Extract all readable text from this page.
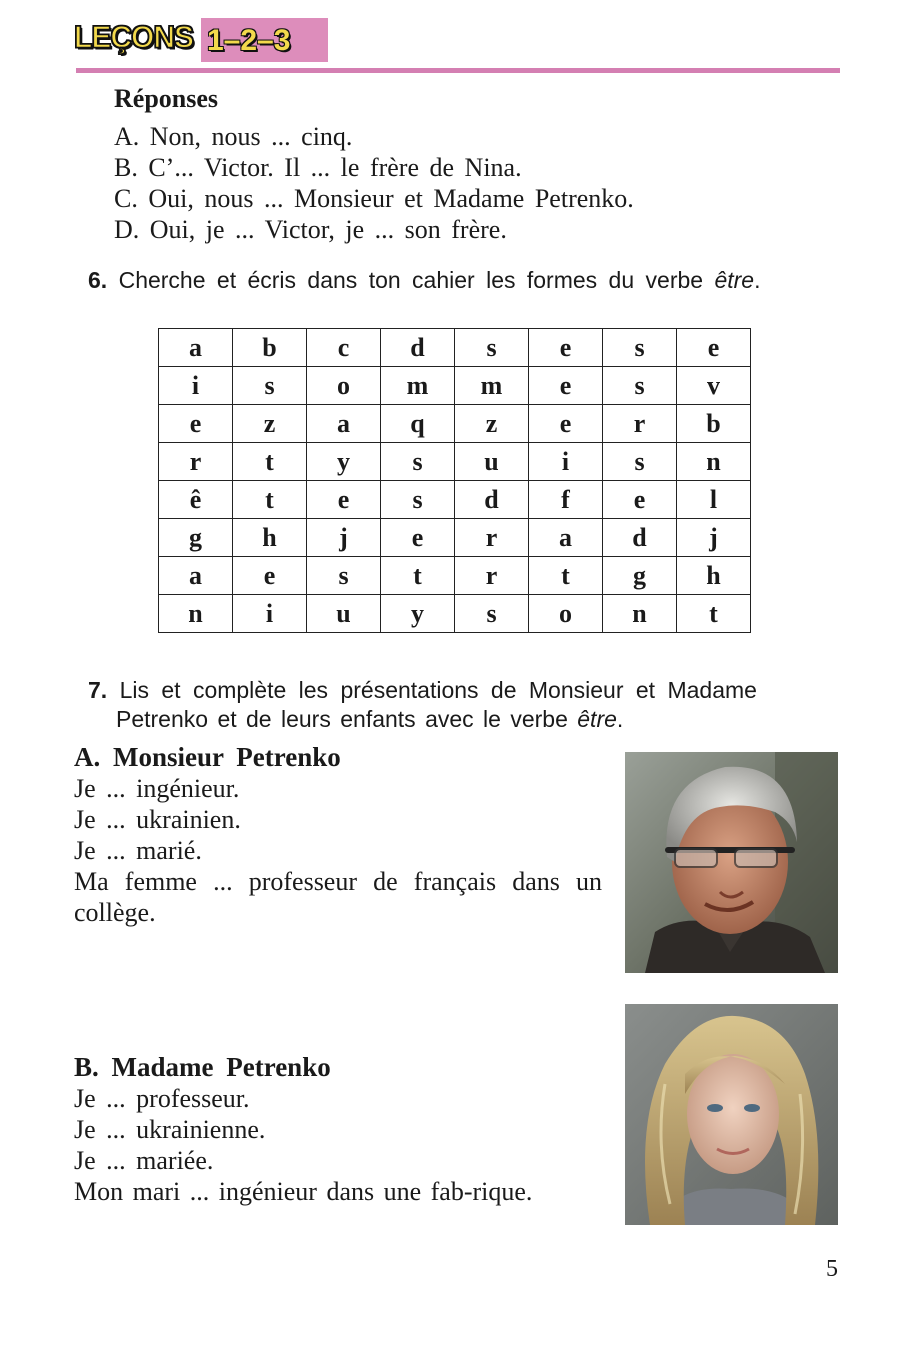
LEÇONS 1–2–3
Réponses
A. Non, nous ... cinq.
B. C’... Victor. Il ... le frère de Nina.
C. Oui, nous ... Monsieur et Madame Petrenko.
D. Oui, je ... Victor, je ... son frère.
6. Cherche et écris dans ton cahier les formes du verbe être.
a	b	c	d	s	e	s	e
i	s	o	m	m	e	s	v
e	z	a	q	z	e	r	b
r	t	y	s	u	i	s	n
ê	t	e	s	d	f	e	l
g	h	j	e	r	a	d	j
a	e	s	t	r	t	g	h
n	i	u	y	s	o	n	t
7. Lis et complète les présentations de Monsieur et Madame
Petrenko et de leurs enfants avec le verbe être.
A. Monsieur Petrenko
Je ... ingénieur.
Je ... ukrainien.
Je ... marié.
Ma femme ... professeur de français dans un collège.
B. Madame Petrenko
Je ... professeur.
Je ... ukrainienne.
Je ... mariée.
Mon mari ... ingénieur dans une fab-rique.
5
